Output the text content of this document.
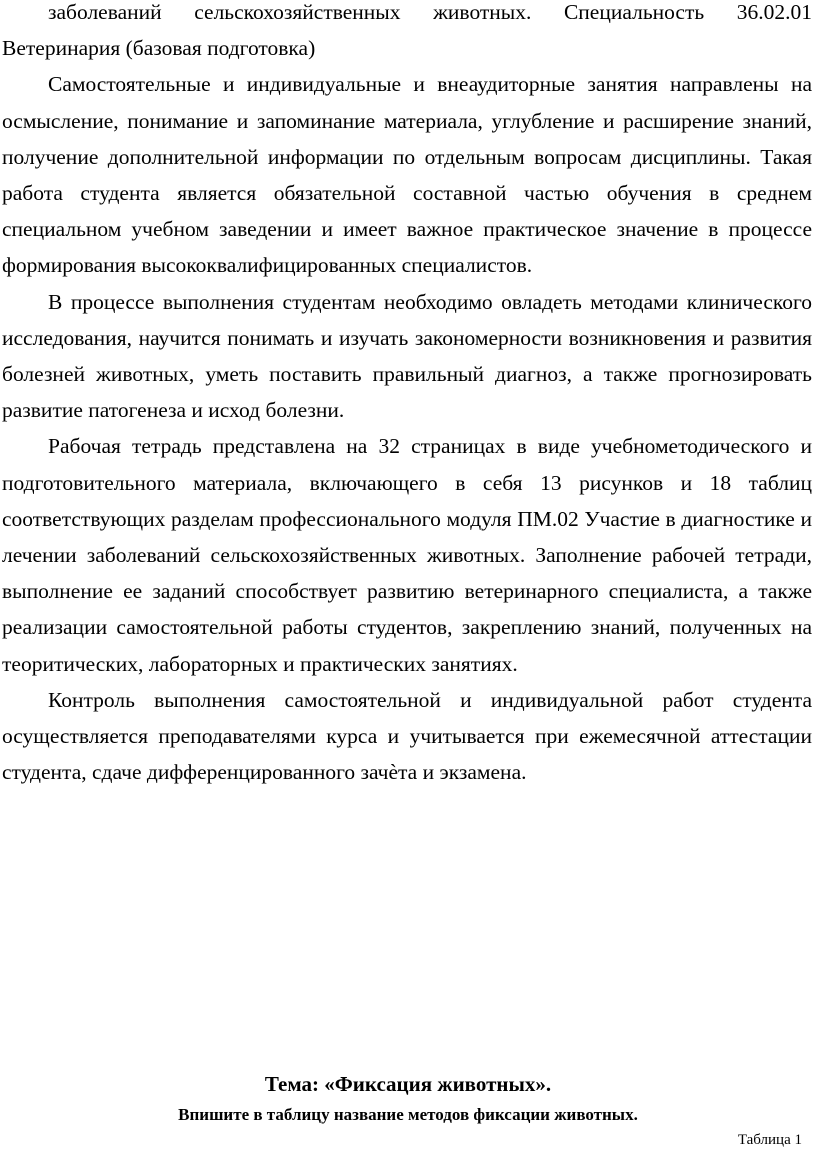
заболеваний сельскохозяйственных животных. Специальность 36.02.01 Ветеринария (базовая подготовка)

Самостоятельные и индивидуальные и внеаудиторные занятия направлены на осмысление, понимание и запоминание материала, углубление и расширение знаний, получение дополнительной информации по отдельным вопросам дисциплины. Такая работа студента является обязательной составной частью обучения в среднем специальном учебном заведении и имеет важное практическое значение в процессе формирования высококвалифицированных специалистов.

В процессе выполнения студентам необходимо овладеть методами клинического исследования, научится понимать и изучать закономерности возникновения и развития болезней животных, уметь поставить правильный диагноз, а также прогнозировать развитие патогенеза и исход болезни.

Рабочая тетрадь представлена на 32 страницах в виде учебнометодического и подготовительного материала, включающего в себя 13 рисунков и 18 таблиц соответствующих разделам профессионального модуля ПМ.02 Участие в диагностике и лечении заболеваний сельскохозяйственных животных. Заполнение рабочей тетради, выполнение ее заданий способствует развитию ветеринарного специалиста, а также реализации самостоятельной работы студентов, закреплению знаний, полученных на теоритических, лабораторных и практических занятиях.

Контроль выполнения самостоятельной и индивидуальной работ студента осуществляется преподавателями курса и учитывается при ежемесячной аттестации студента, сдаче дифференцированного зачѐта и экзамена.

Тема: «Фиксация животных».
Впишите в таблицу название методов фиксации животных.
Таблица 1
